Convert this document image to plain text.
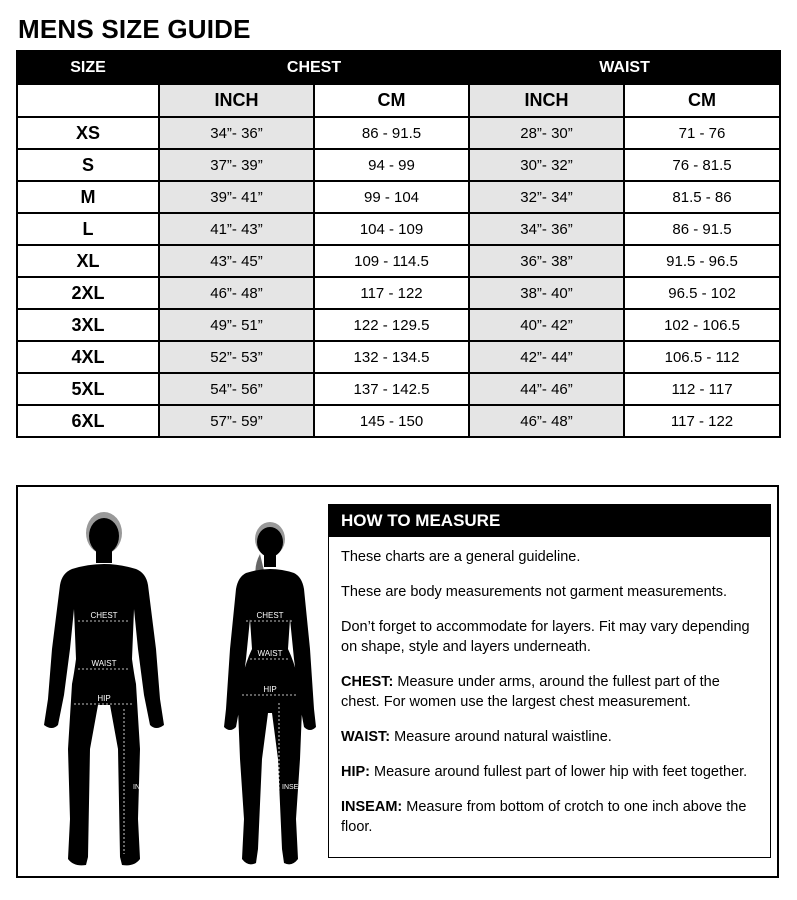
MENS SIZE GUIDE
SIZE	CHEST		WAIST	
	INCH	CM	INCH	CM
XS	34”- 36”	86 - 91.5	28”- 30”	71 - 76
S	37”- 39”	94 - 99	30”- 32”	76 - 81.5
M	39”- 41”	99 - 104	32”- 34”	81.5 - 86
L	41”- 43”	104 - 109	34”- 36”	86 - 91.5
XL	43”- 45”	109 - 114.5	36”- 38”	91.5 - 96.5
2XL	46”- 48”	117 - 122	38”- 40”	96.5 - 102
3XL	49”- 51”	122 - 129.5	40”- 42”	102 - 106.5
4XL	52”- 53”	132 - 134.5	42”- 44”	106.5 - 112
5XL	54”- 56”	137 - 142.5	44”- 46”	112 - 117
6XL	57”- 59”	145 - 150	46”- 48”	117 - 122
CHEST
WAIST
HIP
INSEAM
CHEST
WAIST
HIP
INSEAM
HOW TO MEASURE

These charts are a general guideline.

These are body measurements not garment measurements.

Don’t forget to accommodate for layers. Fit may vary depending on shape, style and layers underneath.

CHEST: Measure under arms, around the fullest part of the chest. For women use the largest chest measurement.

WAIST: Measure around natural waistline.

HIP: Measure around fullest part of lower hip with feet together.

INSEAM: Measure from bottom of crotch to one inch above the floor.
